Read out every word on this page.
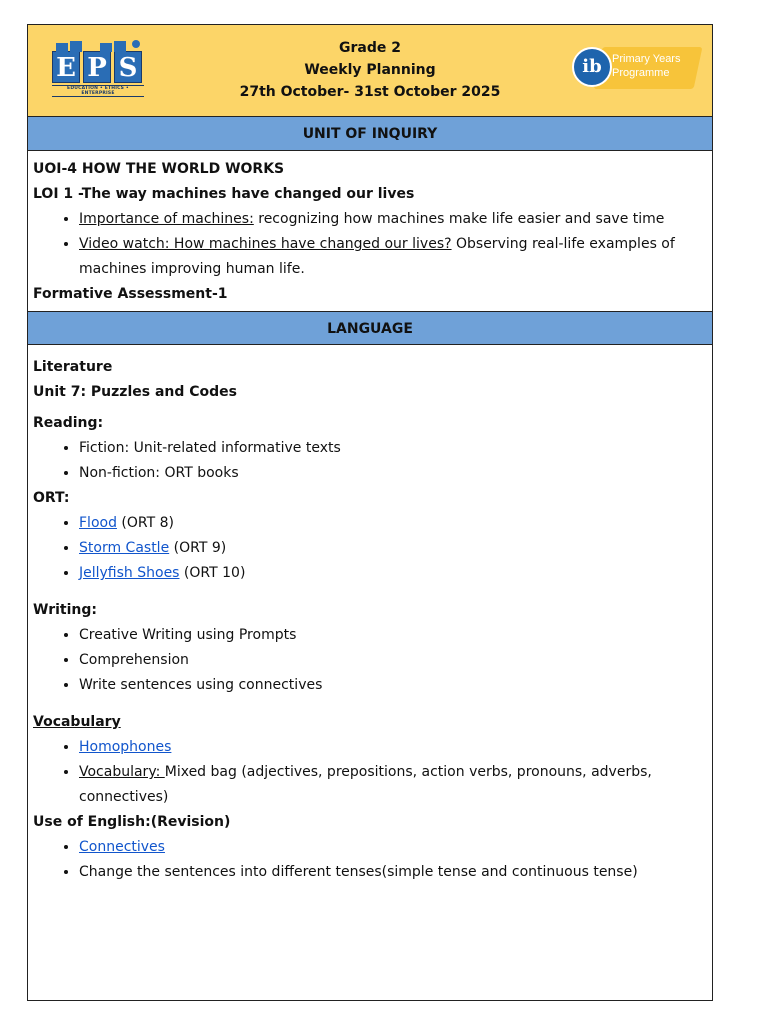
E P S
EDUCATION • ETHICS • ENTERPRISE
Grade 2
Weekly Planning
27th October- 31st October 2025
Primary Years
Programme
ib
UNIT OF INQUIRY
UOI-4 HOW THE WORLD WORKS
LOI 1 -The way machines have changed our lives
• Importance of machines: recognizing how machines make life easier and save time
• Video watch: How machines have changed our lives? Observing real-life examples of machines improving human life.
Formative Assessment-1
LANGUAGE
Literature
Unit 7: Puzzles and Codes
Reading:
• Fiction: Unit-related informative texts
• Non-fiction: ORT books
ORT:
• Flood (ORT 8)
• Storm Castle (ORT 9)
• Jellyfish Shoes (ORT 10)
Writing:
• Creative Writing using Prompts
• Comprehension
• Write sentences using connectives
Vocabulary
• Homophones
• Vocabulary: Mixed bag (adjectives, prepositions, action verbs, pronouns, adverbs, connectives)
Use of English:(Revision)
• Connectives
• Change the sentences into different tenses(simple tense and continuous tense)
